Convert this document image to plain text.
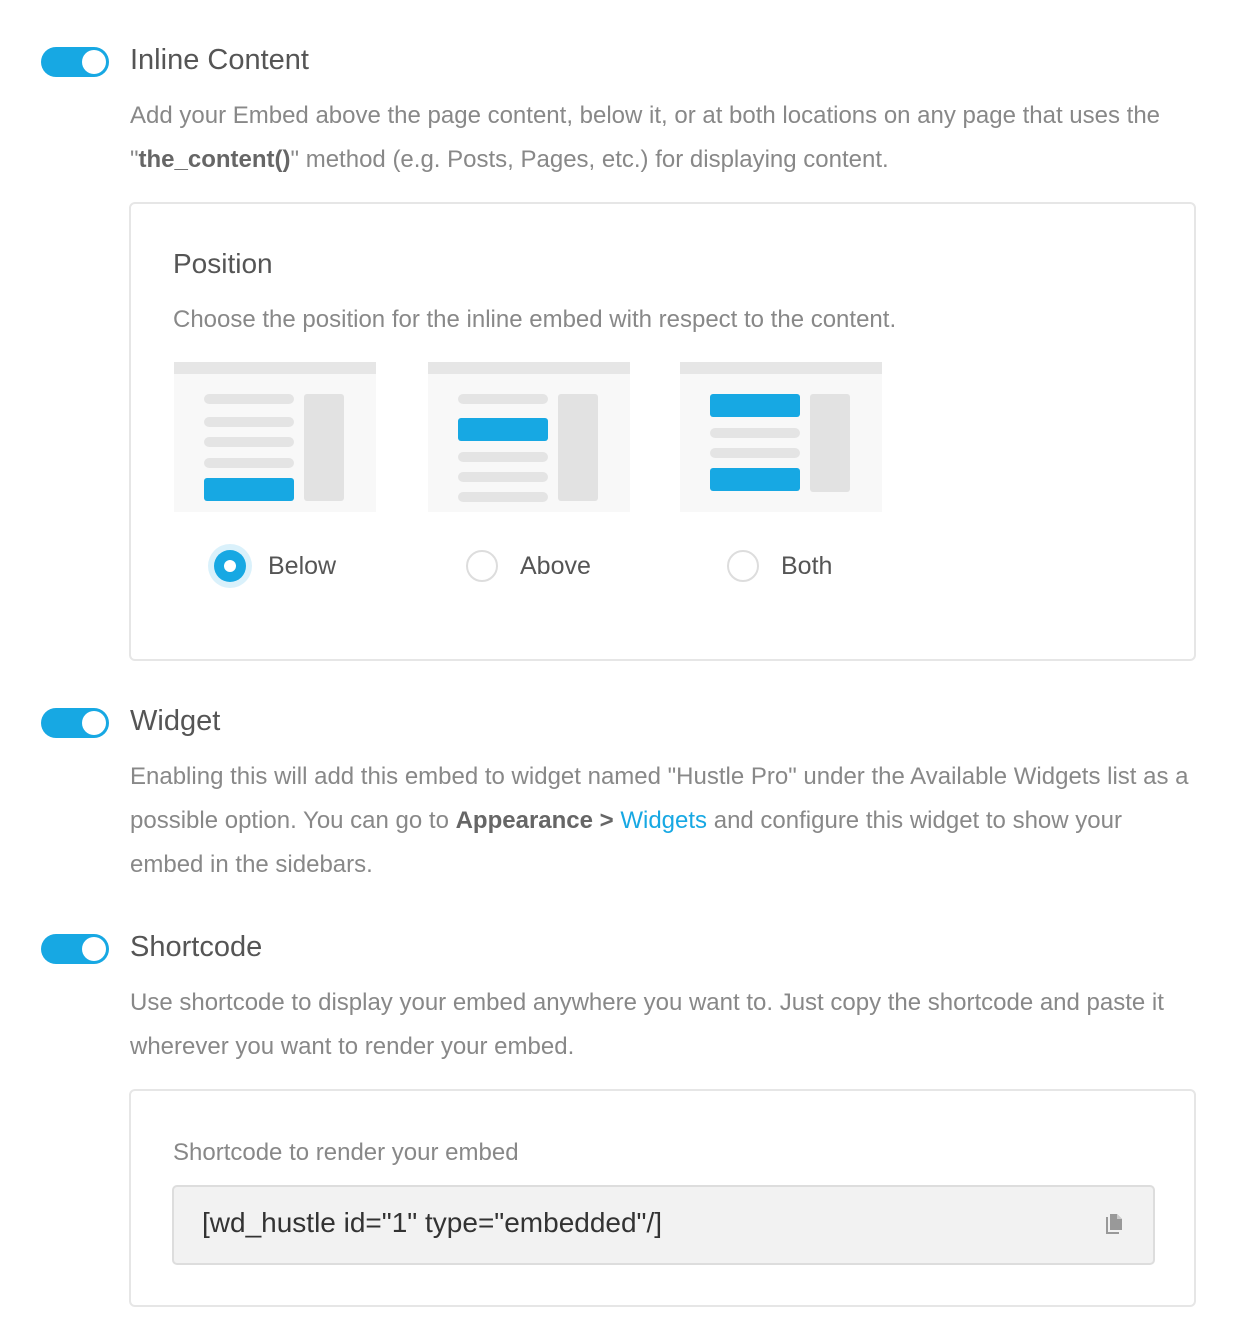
Inline Content
Add your Embed above the page content, below it, or at both locations on any page that uses the "the_content()" method (e.g. Posts, Pages, etc.) for displaying content.
Position
Choose the position for the inline embed with respect to the content.
Below	Above	Both
Widget
Enabling this will add this embed to widget named "Hustle Pro" under the Available Widgets list as a possible option. You can go to Appearance > Widgets and configure this widget to show your embed in the sidebars.
Shortcode
Use shortcode to display your embed anywhere you want to. Just copy the shortcode and paste it wherever you want to render your embed.
Shortcode to render your embed
[wd_hustle id="1" type="embedded"/]
